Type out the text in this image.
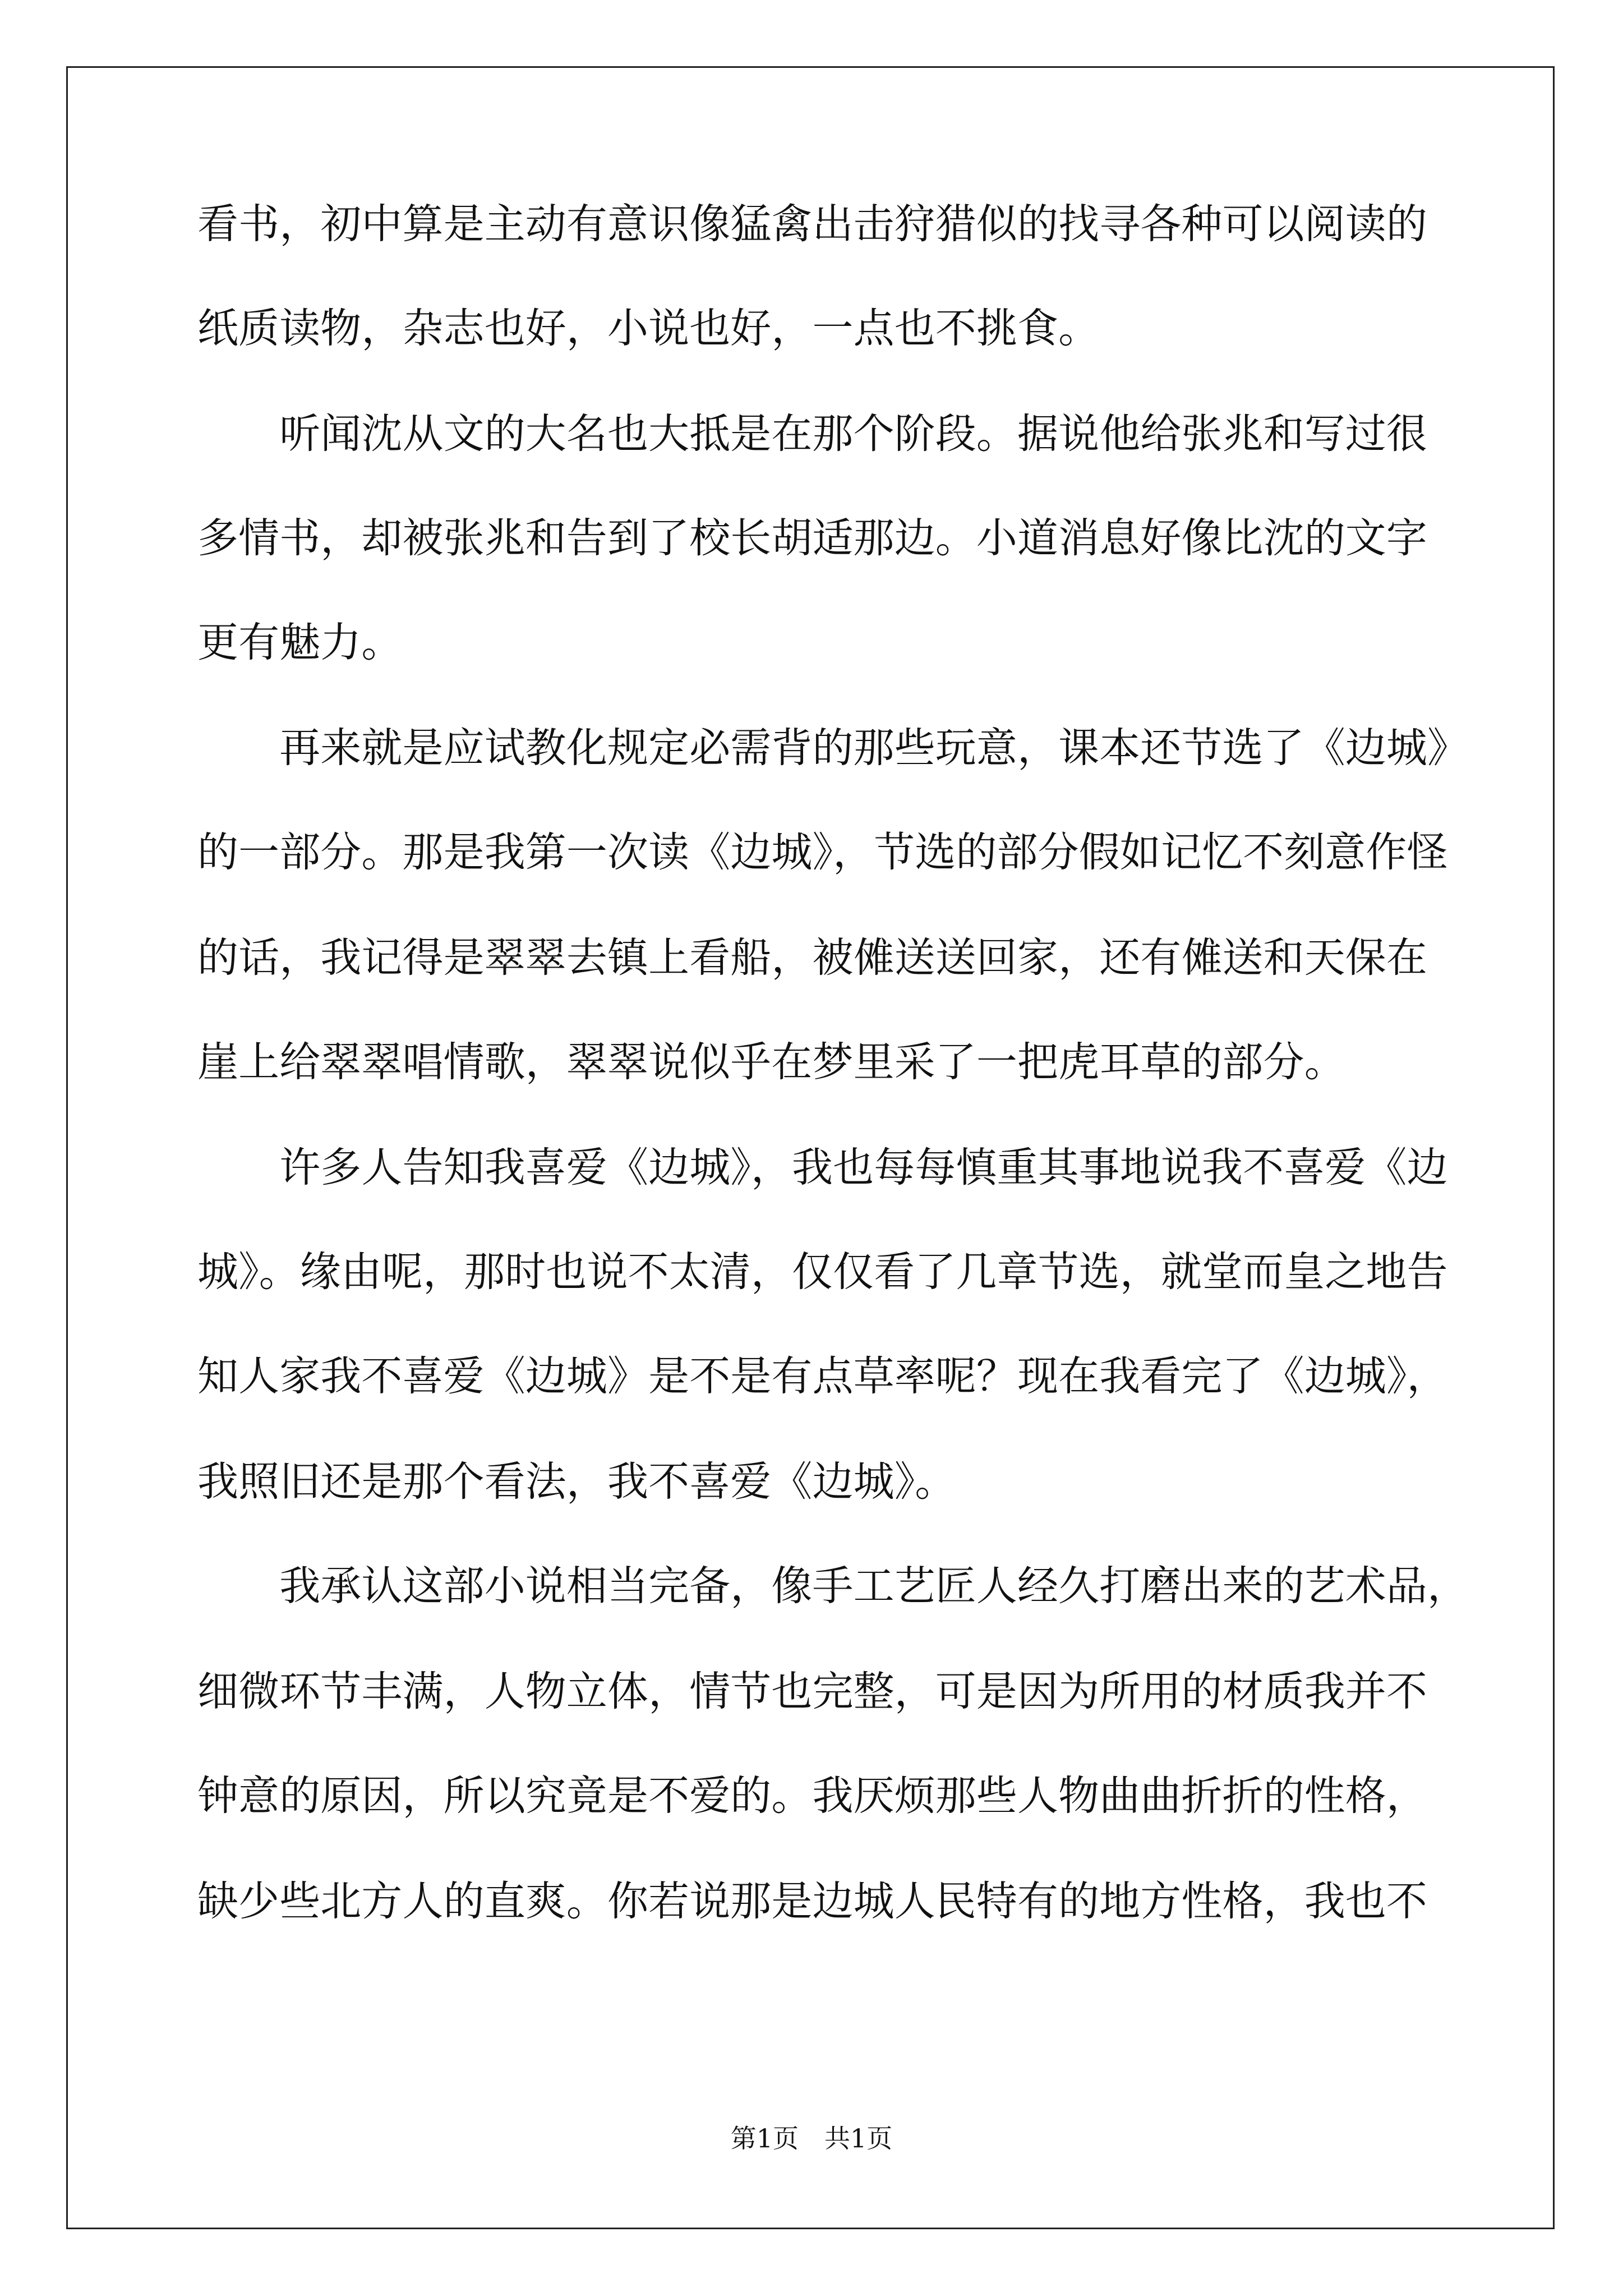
看书，初中算是主动有意识像猛禽出击狩猎似的找寻各种可以阅读的
纸质读物，杂志也好，小说也好，一点也不挑食。
　　听闻沈从文的大名也大抵是在那个阶段。据说他给张兆和写过很
多情书，却被张兆和告到了校长胡适那边。小道消息好像比沈的文字
更有魅力。
　　再来就是应试教化规定必需背的那些玩意，课本还节选了《边城》
的一部分。那是我第一次读《边城》，节选的部分假如记忆不刻意作怪
的话，我记得是翠翠去镇上看船，被傩送送回家，还有傩送和天保在
崖上给翠翠唱情歌，翠翠说似乎在梦里采了一把虎耳草的部分。
　　许多人告知我喜爱《边城》，我也每每慎重其事地说我不喜爱《边
城》。缘由呢，那时也说不太清，仅仅看了几章节选，就堂而皇之地告
知人家我不喜爱《边城》是不是有点草率呢？现在我看完了《边城》，
我照旧还是那个看法，我不喜爱《边城》。
　　我承认这部小说相当完备，像手工艺匠人经久打磨出来的艺术品，
细微环节丰满，人物立体，情节也完整，可是因为所用的材质我并不
钟意的原因，所以究竟是不爱的。我厌烦那些人物曲曲折折的性格，
缺少些北方人的直爽。你若说那是边城人民特有的地方性格，我也不
第1页　共1页
